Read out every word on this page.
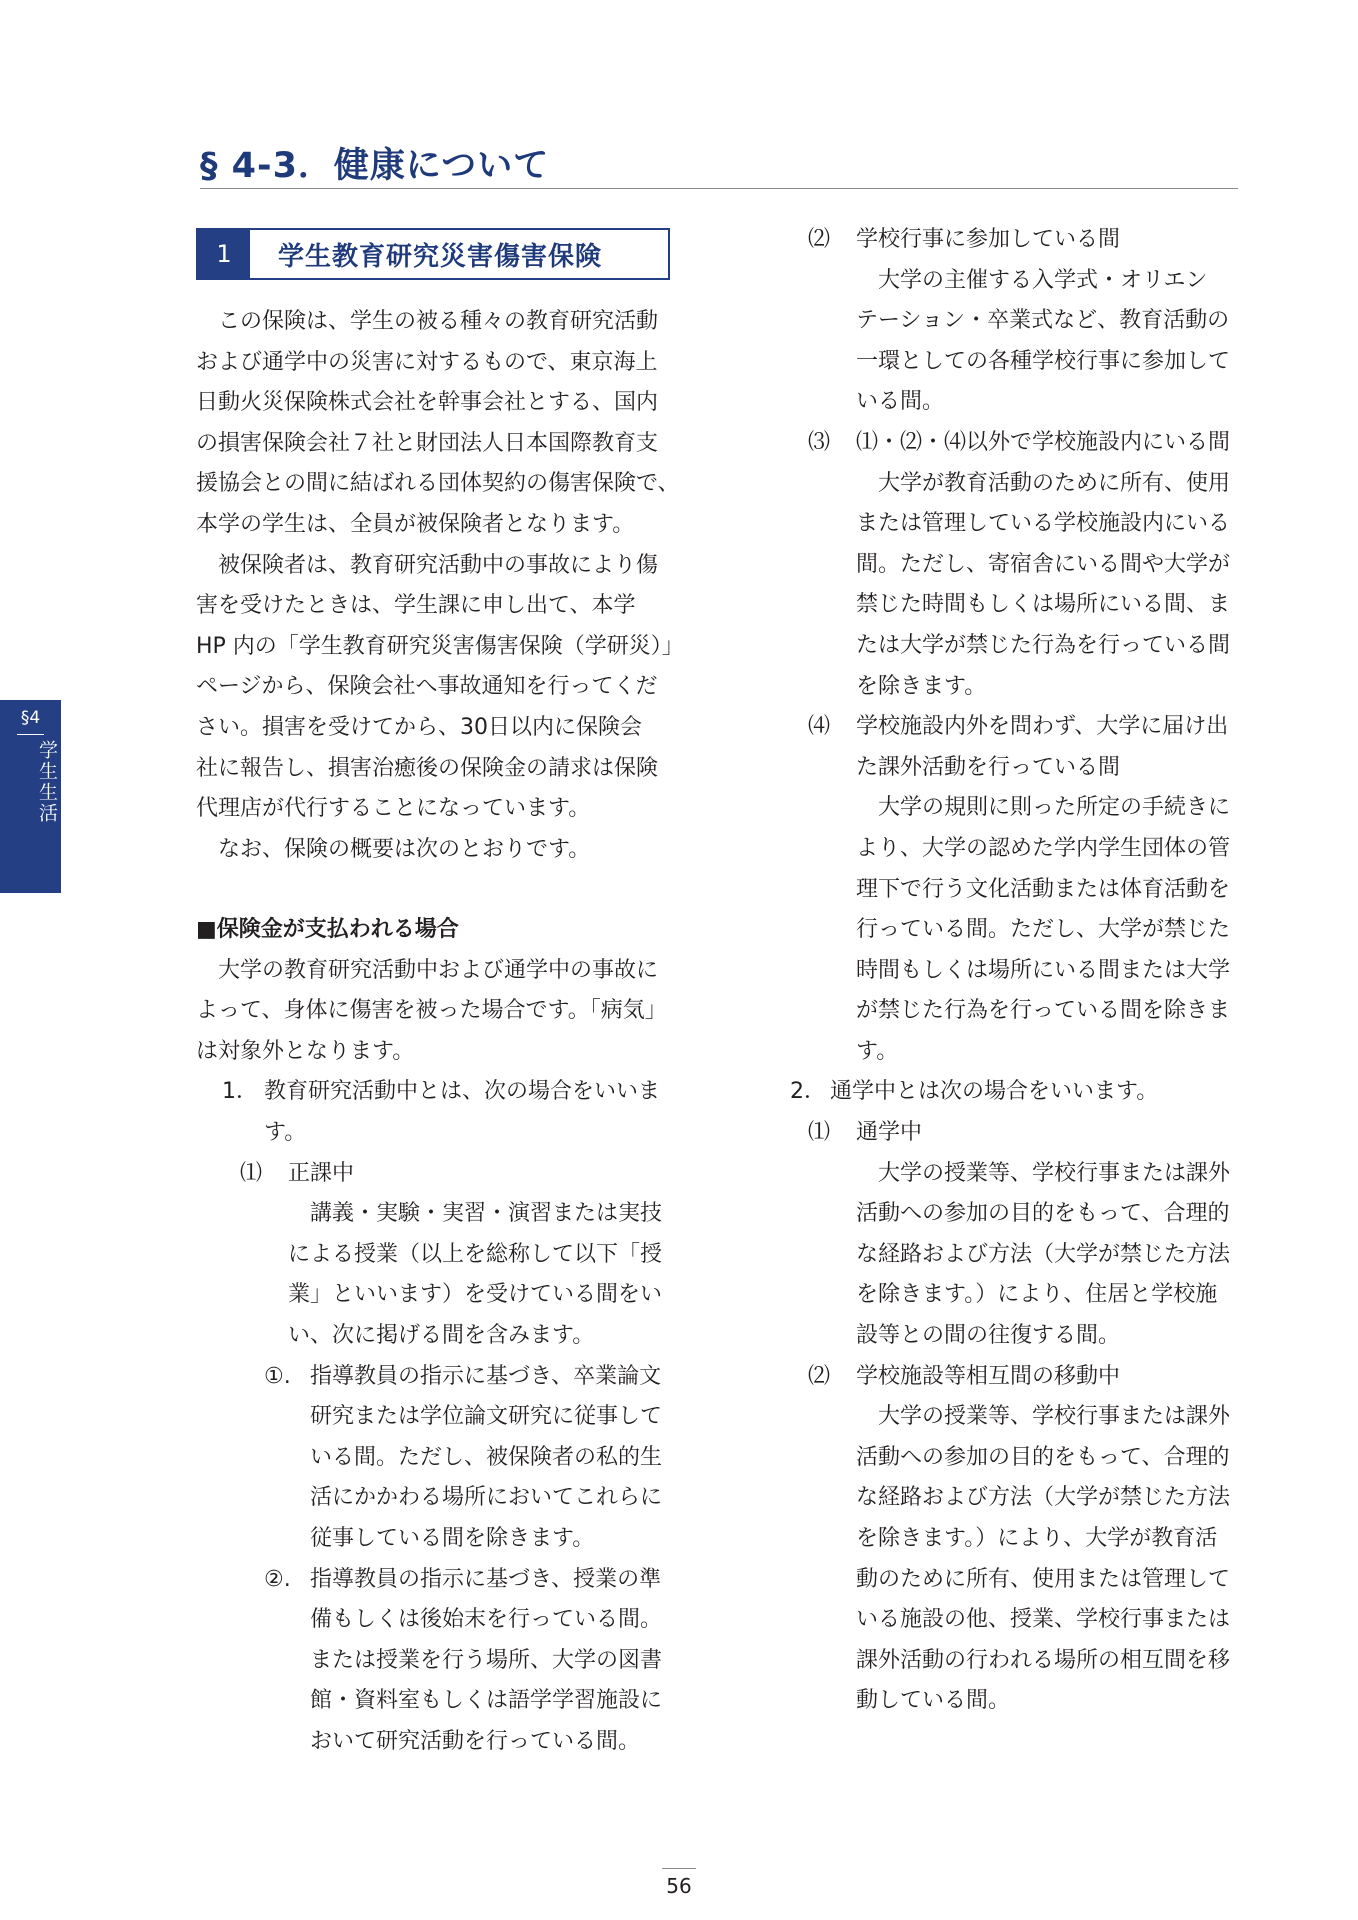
§ 4-3．健康について
§4
学生生活
1	学生教育研究災害傷害保険

この保険は、学生の被る種々の教育研究活動

および通学中の災害に対するもので、東京海上

日動火災保険株式会社を幹事会社とする、国内

の損害保険会社７社と財団法人日本国際教育支

援協会との間に結ばれる団体契約の傷害保険で、

本学の学生は、全員が被保険者となります。

被保険者は、教育研究活動中の事故により傷

害を受けたときは、学生課に申し出て、本学

HP 内の「学生教育研究災害傷害保険（学研災）」

ページから、保険会社へ事故通知を行ってくだ

さい。損害を受けてから、30日以内に保険会

社に報告し、損害治癒後の保険金の請求は保険

代理店が代行することになっています。

なお、保険の概要は次のとおりです。

■保険金が支払われる場合

大学の教育研究活動中および通学中の事故に

よって、身体に傷害を被った場合です。「病気」

は対象外となります。

1． 教育研究活動中とは、次の場合をいいま

す。

⑴ 正課中

講義・実験・実習・演習または実技

による授業（以上を総称して以下「授

業」といいます）を受けている間をい

い、次に掲げる間を含みます。

①. 指導教員の指示に基づき、卒業論文

研究または学位論文研究に従事して

いる間。ただし、被保険者の私的生

活にかかわる場所においてこれらに

従事している間を除きます。

②. 指導教員の指示に基づき、授業の準

備もしくは後始末を行っている間。

または授業を行う場所、大学の図書

館・資料室もしくは語学学習施設に

おいて研究活動を行っている間。

⑵ 学校行事に参加している間

大学の主催する入学式・オリエン

テーション・卒業式など、教育活動の

一環としての各種学校行事に参加して

いる間。

⑶ ⑴・⑵・⑷以外で学校施設内にいる間

大学が教育活動のために所有、使用

または管理している学校施設内にいる

間。ただし、寄宿舎にいる間や大学が

禁じた時間もしくは場所にいる間、ま

たは大学が禁じた行為を行っている間

を除きます。

⑷ 学校施設内外を問わず、大学に届け出

た課外活動を行っている間

大学の規則に則った所定の手続きに

より、大学の認めた学内学生団体の管

理下で行う文化活動または体育活動を

行っている間。ただし、大学が禁じた

時間もしくは場所にいる間または大学

が禁じた行為を行っている間を除きま

す。

2． 通学中とは次の場合をいいます。

⑴ 通学中

大学の授業等、学校行事または課外

活動への参加の目的をもって、合理的

な経路および方法（大学が禁じた方法

を除きます。）により、住居と学校施

設等との間の往復する間。

⑵ 学校施設等相互間の移動中

大学の授業等、学校行事または課外

活動への参加の目的をもって、合理的

な経路および方法（大学が禁じた方法

を除きます。）により、大学が教育活

動のために所有、使用または管理して

いる施設の他、授業、学校行事または

課外活動の行われる場所の相互間を移

動している間。

56
